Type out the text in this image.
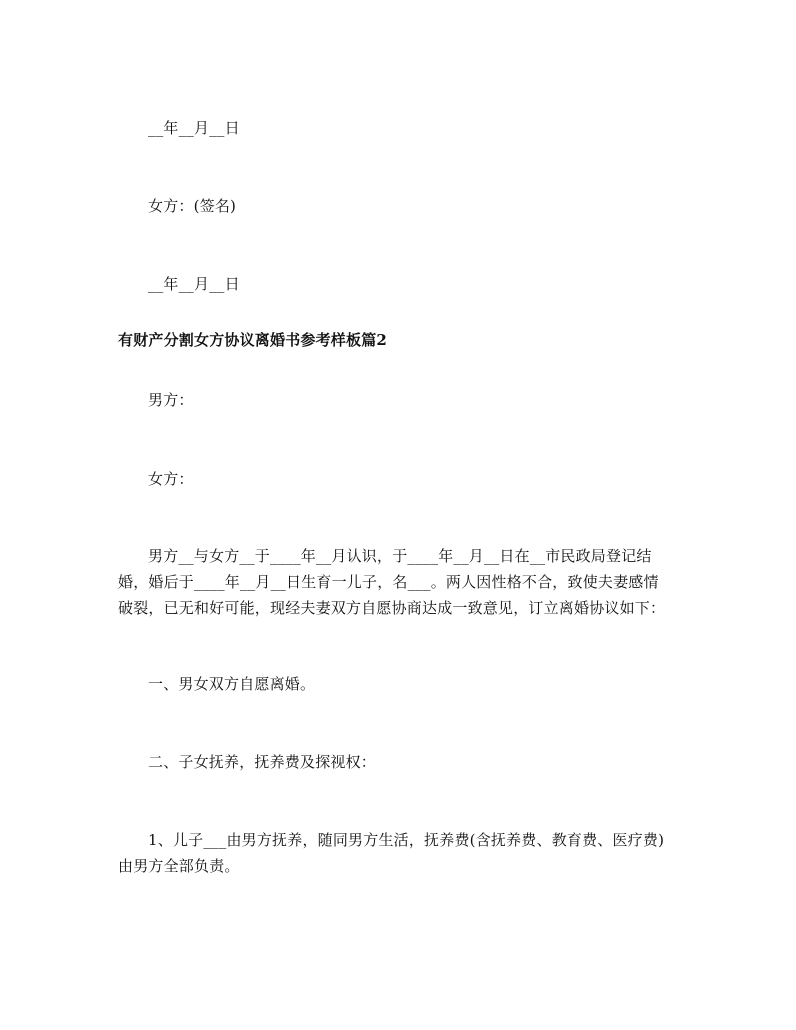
__年__月__日
女方：(签名)
__年__月__日
有财产分割女方协议离婚书参考样板篇2
男方：
女方：
男方__与女方__于____年__月认识，于____年__月__日在__市民政局登记结
婚，婚后于____年__月__日生育一儿子，名___。两人因性格不合，致使夫妻感情
破裂，已无和好可能，现经夫妻双方自愿协商达成一致意见，订立离婚协议如下：
一、男女双方自愿离婚。
二、子女抚养，抚养费及探视权：
1、儿子___由男方抚养，随同男方生活，抚养费(含抚养费、教育费、医疗费)
由男方全部负责。
